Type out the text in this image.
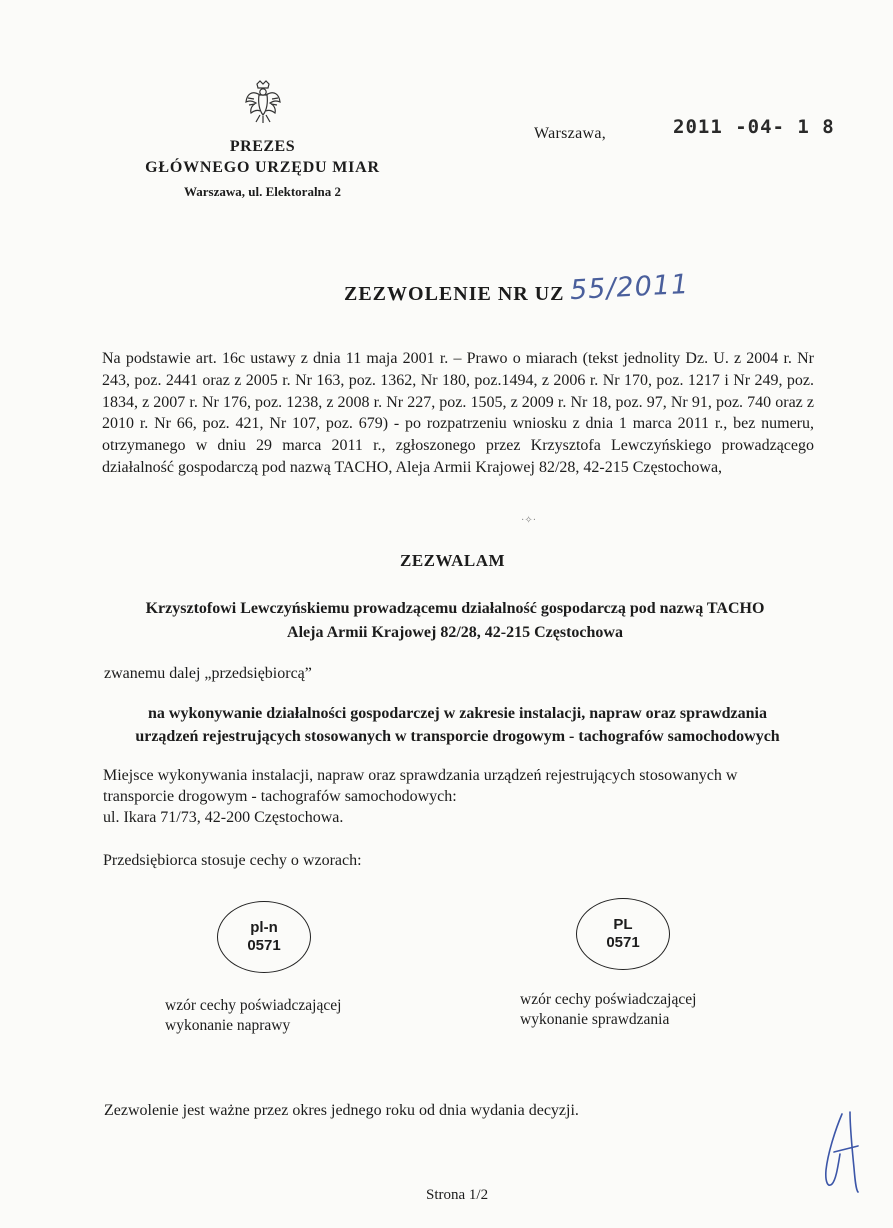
PREZES
GŁÓWNEGO URZĘDU MIAR
Warszawa, ul. Elektoralna 2
Warszawa,	2011 -04- 1 8
ZEZWOLENIE NR UZ 55/2011
Na podstawie art. 16c ustawy z dnia 11 maja 2001 r. – Prawo o miarach (tekst jednolity Dz. U. z 2004 r. Nr 243, poz. 2441 oraz z 2005 r. Nr 163, poz. 1362, Nr 180, poz.1494, z 2006 r. Nr 170, poz. 1217 i Nr 249, poz. 1834, z 2007 r. Nr 176, poz. 1238, z 2008 r. Nr 227, poz. 1505, z 2009 r. Nr 18, poz. 97, Nr 91, poz. 740 oraz z 2010 r. Nr 66, poz. 421, Nr 107, poz. 679) - po rozpatrzeniu wniosku z dnia 1 marca 2011 r., bez numeru, otrzymanego w dniu 29 marca 2011 r., zgłoszonego przez Krzysztofa Lewczyńskiego prowadzącego działalność gospodarczą pod nazwą TACHO, Aleja Armii Krajowej 82/28, 42-215 Częstochowa,
·✧·
ZEZWALAM
Krzysztofowi Lewczyńskiemu prowadzącemu działalność gospodarczą pod nazwą TACHO
Aleja Armii Krajowej 82/28, 42-215 Częstochowa
zwanemu dalej „przedsiębiorcą”
na wykonywanie działalności gospodarczej w zakresie instalacji, napraw oraz sprawdzania
urządzeń rejestrujących stosowanych w transporcie drogowym - tachografów samochodowych
Miejsce wykonywania instalacji, napraw oraz sprawdzania urządzeń rejestrujących stosowanych w
transporcie drogowym - tachografów samochodowych:
ul. Ikara 71/73, 42-200 Częstochowa.
Przedsiębiorca stosuje cechy o wzorach:
pl-n
0571
wzór cechy poświadczającej
wykonanie naprawy
PL
0571
wzór cechy poświadczającej
wykonanie sprawdzania
Zezwolenie jest ważne przez okres jednego roku od dnia wydania decyzji.
Strona 1/2
